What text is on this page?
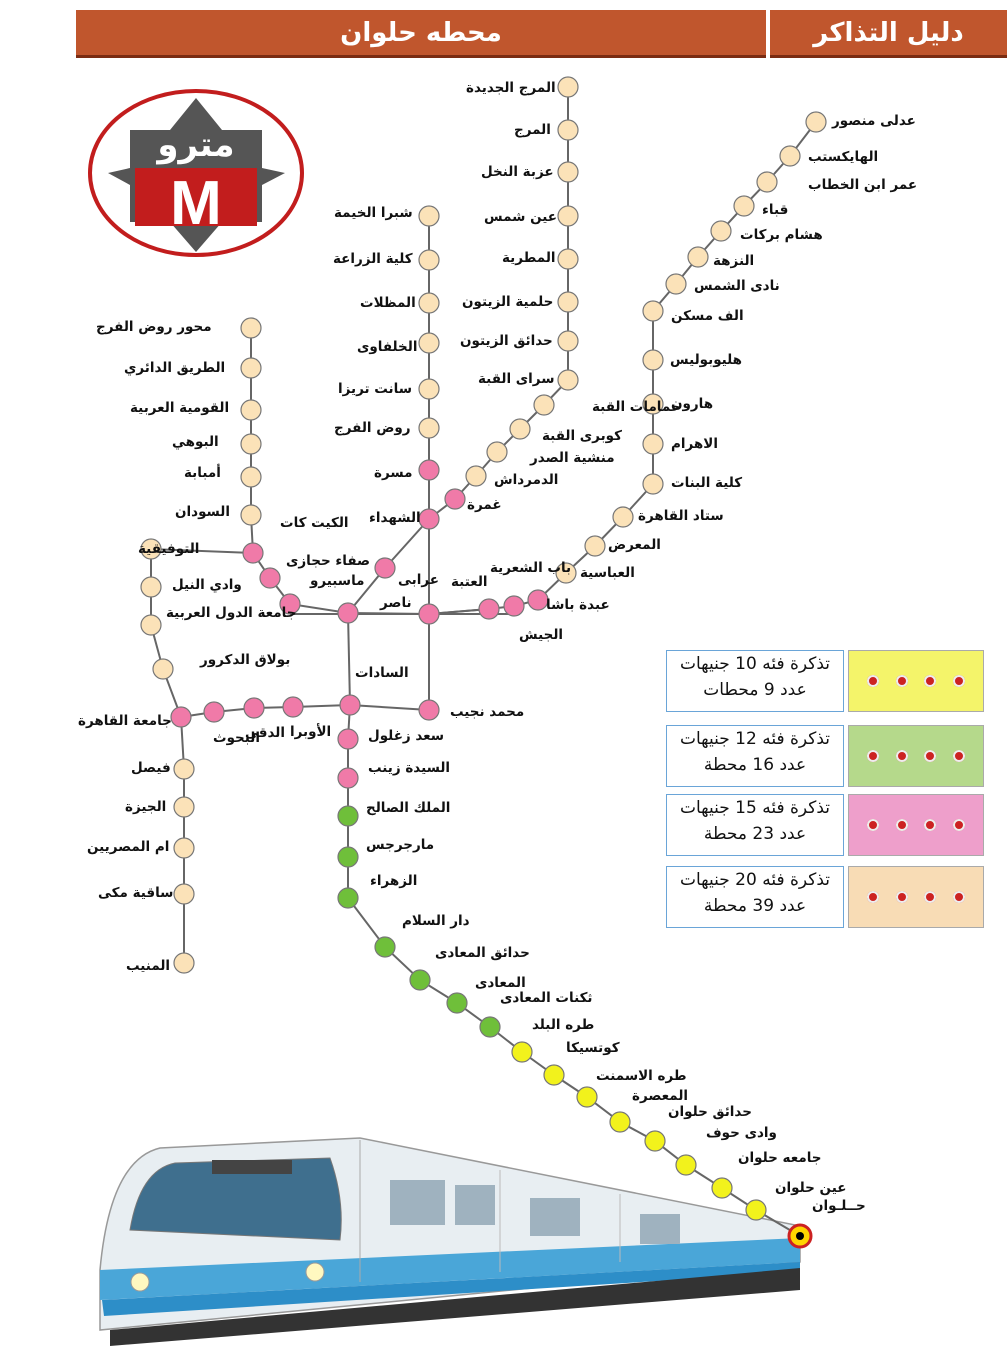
محطه حلوان	دليل التذاكر
M
مترو
المرج الجديدة
المرج
عزبة النخل
عين شمس
المطرية
حلمية الزيتون
حدائق الزيتون
سراى القبة
حمامات القبة
كوبرى القبة
منشية الصدر
الدمرداش
غمرة
عدلى منصور
الهايكستب
عمر ابن الخطاب
قباء
هشام بركات
النزهة
نادى الشمس
الف مسكن
هليوبوليس
هارون
الاهرام
كلية البنات
ستاد القاهرة
المعرض
العباسية
عبدة باشا
الجيش
باب الشعرية
العتبة
شبرا الخيمة
كلية الزراعة
المظلات
الخلفاوى
سانت تريزا
روض الفرج
مسرة
الشهداء
عرابى
ناصر
محمد نجيب
السادات
سعد زغلول
السيدة زينب
الملك الصالح
مارجرجس
الزهراء
دار السلام
حدائق المعادى
المعادى
ثكنات المعادى
طره البلد
كوتسيكا
طره الاسمنت
المعصرة
حدائق حلوان
وادى حوف
جامعه حلوان
عين حلوان
حــلـوان
محور روض الفرج
الطريق الدائري
القومية العربية
البوهي
أمبابة
السودان
الكيت كات
صفاء حجازى
ماسبيرو
التوفيقية
وادي النيل
جامعة الدول العربية
بولاق الدكرور
جامعة القاهرة
البحوث
الدقى الأوبرا
فيصل
الجيزة
ام المصريين
ساقية مكى
المنيب
تذكرة فئه 10 جنيهات
عدد 9 محطات
تذكرة فئه 12 جنيهات
عدد 16 محطة
تذكرة فئه 15 جنيهات
عدد 23 محطة
تذكرة فئه 20 جنيهات
عدد 39 محطة
